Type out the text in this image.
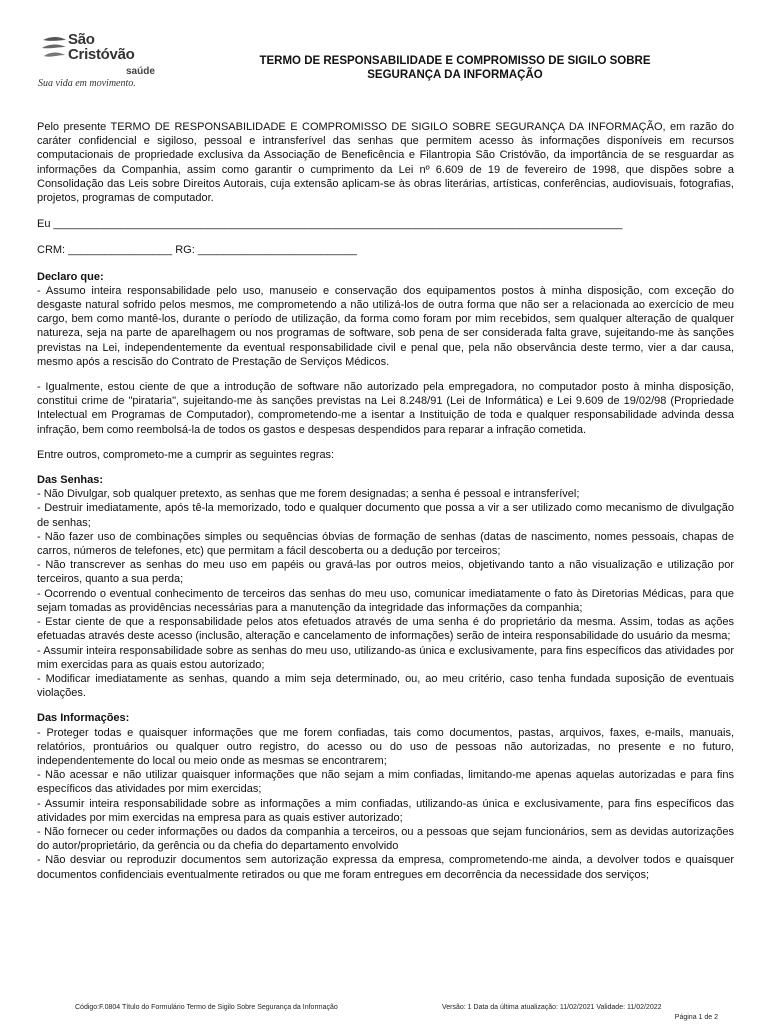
São
Cristóvão
saúde
Sua vida em movimento.
TERMO DE RESPONSABILIDADE E COMPROMISSO DE SIGILO SOBRE
SEGURANÇA DA INFORMAÇÃO

Pelo presente TERMO DE RESPONSABILIDADE E COMPROMISSO DE SIGILO SOBRE SEGURANÇA DA INFORMAÇÃO, em razão do caráter confidencial e sigiloso, pessoal e intransferível das senhas que permitem acesso às informações disponíveis em recursos computacionais de propriedade exclusiva da Associação de Beneficência e Filantropia São Cristóvão, da importância de se resguardar as informações da Companhia, assim como garantir o cumprimento da Lei nº 6.609 de 19 de fevereiro de 1998, que dispões sobre a Consolidação das Leis sobre Direitos Autorais, cuja extensão aplicam-se às obras literárias, artísticas, conferências, audiovisuais, fotografias, projetos, programas de computador.

Eu _____________________________________________________________________________________________
CRM: _________________ RG: __________________________

Declaro que:

- Assumo inteira responsabilidade pelo uso, manuseio e conservação dos equipamentos postos à minha disposição, com exceção do desgaste natural sofrido pelos mesmos, me comprometendo a não utilizá-los de outra forma que não ser a relacionada ao exercício de meu cargo, bem como mantê-los, durante o período de utilização, da forma como foram por mim recebidos, sem qualquer alteração de qualquer natureza, seja na parte de aparelhagem ou nos programas de software, sob pena de ser considerada falta grave, sujeitando-me às sanções previstas na Lei, independentemente da eventual responsabilidade civil e penal que, pela não observância deste termo, vier a dar causa, mesmo após a rescisão do Contrato de Prestação de Serviços Médicos.

- Igualmente, estou ciente de que a introdução de software não autorizado pela empregadora, no computador posto à minha disposição, constitui crime de "pirataria", sujeitando-me às sanções previstas na Lei 8.248/91 (Lei de Informática) e Lei 9.609 de 19/02/98 (Propriedade Intelectual em Programas de Computador), comprometendo-me a isentar a Instituição de toda e qualquer responsabilidade advinda dessa infração, bem como reembolsá-la de todos os gastos e despesas despendidos para reparar a infração cometida.

Entre outros, comprometo-me a cumprir as seguintes regras:

Das Senhas:

- Não Divulgar, sob qualquer pretexto, as senhas que me forem designadas; a senha é pessoal e intransferível;

- Destruir imediatamente, após tê-la memorizado, todo e qualquer documento que possa a vir a ser utilizado como mecanismo de divulgação de senhas;

- Não fazer uso de combinações simples ou sequências óbvias de formação de senhas (datas de nascimento, nomes pessoais, chapas de carros, números de telefones, etc) que permitam a fácil descoberta ou a dedução por terceiros;

- Não transcrever as senhas do meu uso em papéis ou gravá-las por outros meios, objetivando tanto a não visualização e utilização por terceiros, quanto a sua perda;

- Ocorrendo o eventual conhecimento de terceiros das senhas do meu uso, comunicar imediatamente o fato às Diretorias Médicas, para que sejam tomadas as providências necessárias para a manutenção da integridade das informações da companhia;

- Estar ciente de que a responsabilidade pelos atos efetuados através de uma senha é do proprietário da mesma. Assim, todas as ações efetuadas através deste acesso (inclusão, alteração e cancelamento de informações) serão de inteira responsabilidade do usuário da mesma;

- Assumir inteira responsabilidade sobre as senhas do meu uso, utilizando-as única e exclusivamente, para fins específicos das atividades por mim exercidas para as quais estou autorizado;

- Modificar imediatamente as senhas, quando a mim seja determinado, ou, ao meu critério, caso tenha fundada suposição de eventuais violações.

Das Informações:

- Proteger todas e quaisquer informações que me forem confiadas, tais como documentos, pastas, arquivos, faxes, e-mails, manuais, relatórios, prontuários ou qualquer outro registro, do acesso ou do uso de pessoas não autorizadas, no presente e no futuro, independentemente do local ou meio onde as mesmas se encontrarem;

- Não acessar e não utilizar quaisquer informações que não sejam a mim confiadas, limitando-me apenas aquelas autorizadas e para fins específicos das atividades por mim exercidas;

- Assumir inteira responsabilidade sobre as informações a mim confiadas, utilizando-as única e exclusivamente, para fins específicos das atividades por mim exercidas na empresa para as quais estiver autorizado;

- Não fornecer ou ceder informações ou dados da companhia a terceiros, ou a pessoas que sejam funcionários, sem as devidas autorizações do autor/proprietário, da gerência ou da chefia do departamento envolvido

- Não desviar ou reproduzir documentos sem autorização expressa da empresa, comprometendo-me ainda, a devolver todos e quaisquer documentos confidenciais eventualmente retirados ou que me foram entregues em decorrência da necessidade dos serviços;

Código:F.0804 Título do Formulário Termo de Sigilo Sobre Segurança da Informação	Versão: 1 Data da última atualização: 11/02/2021 Validade: 11/02/2022
Página 1 de 2
